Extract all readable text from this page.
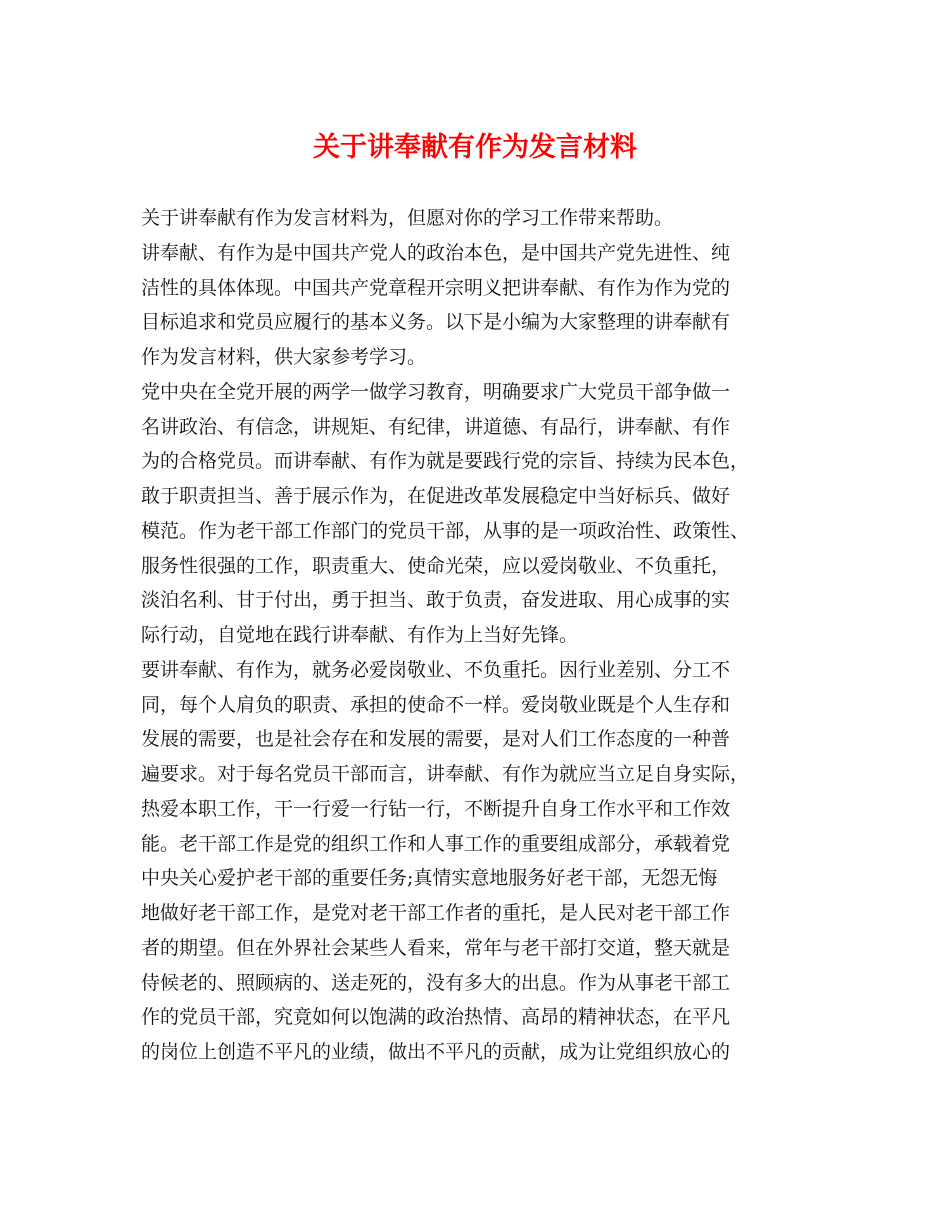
关于讲奉献有作为发言材料
关于讲奉献有作为发言材料为，但愿对你的学习工作带来帮助。
讲奉献、有作为是中国共产党人的政治本色，是中国共产党先进性、纯
洁性的具体体现。中国共产党章程开宗明义把讲奉献、有作为作为党的
目标追求和党员应履行的基本义务。以下是小编为大家整理的讲奉献有
作为发言材料，供大家参考学习。
党中央在全党开展的两学一做学习教育，明确要求广大党员干部争做一
名讲政治、有信念，讲规矩、有纪律，讲道德、有品行，讲奉献、有作
为的合格党员。而讲奉献、有作为就是要践行党的宗旨、持续为民本色，
敢于职责担当、善于展示作为，在促进改革发展稳定中当好标兵、做好
模范。作为老干部工作部门的党员干部，从事的是一项政治性、政策性、
服务性很强的工作，职责重大、使命光荣，应以爱岗敬业、不负重托，
淡泊名利、甘于付出，勇于担当、敢于负责，奋发进取、用心成事的实
际行动，自觉地在践行讲奉献、有作为上当好先锋。
要讲奉献、有作为，就务必爱岗敬业、不负重托。因行业差别、分工不
同，每个人肩负的职责、承担的使命不一样。爱岗敬业既是个人生存和
发展的需要，也是社会存在和发展的需要，是对人们工作态度的一种普
遍要求。对于每名党员干部而言，讲奉献、有作为就应当立足自身实际，
热爱本职工作，干一行爱一行钻一行，不断提升自身工作水平和工作效
能。老干部工作是党的组织工作和人事工作的重要组成部分，承载着党
中央关心爱护老干部的重要任务;真情实意地服务好老干部，无怨无悔
地做好老干部工作，是党对老干部工作者的重托，是人民对老干部工作
者的期望。但在外界社会某些人看来，常年与老干部打交道，整天就是
侍候老的、照顾病的、送走死的，没有多大的出息。作为从事老干部工
作的党员干部，究竟如何以饱满的政治热情、高昂的精神状态，在平凡
的岗位上创造不平凡的业绩，做出不平凡的贡献，成为让党组织放心的
